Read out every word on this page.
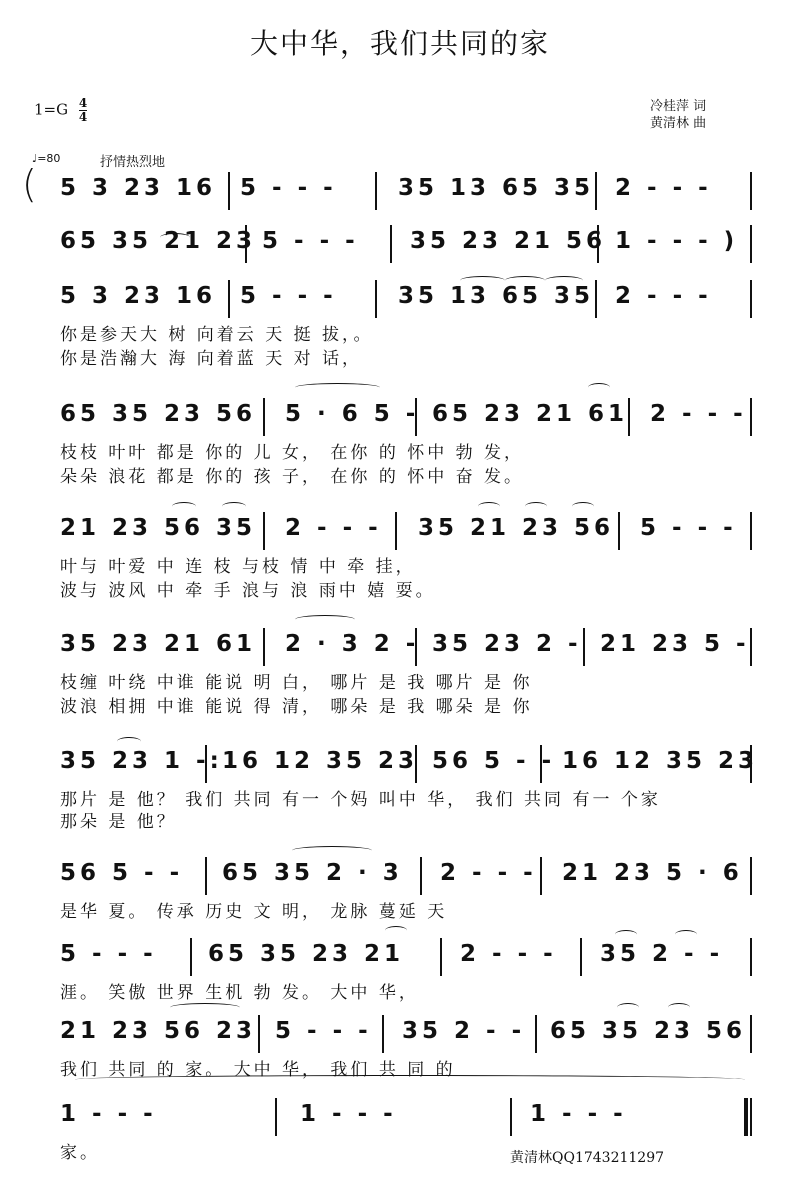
大中华，我们共同的家
$1=G \frac{4}{4}$	冷桂萍 词
黄清林 曲
♩=80	抒情热烈地
5 3 23 16 5 - - -	35 13 65 35 2 - - -
65 35 21 23 5 - - - 35 23 21 56 1 - - - )
5 3 23 16 5 - - -	35 13 65 35 2 - - -
你是参天大 树 向着云 天 挺 拔，。
你是浩瀚大 海 向着蓝 天 对 话，
65 35 23 56 5 · 6 5 - 65 23 21 61 2 - - -
枝枝 叶叶 都是 你的 儿 女， 在你 的 怀中 勃 发，
朵朵 浪花 都是 你的 孩 子， 在你 的 怀中 奋 发。
21 23 56 35 2 - - - 35 21 23 56 5 - - -
叶与 叶爱 中 连 枝 与枝 情 中 牵 挂，
波与 波风 中 牵 手 浪与 浪 雨中 嬉 耍。
35 23 21 61 2 · 3 2 - 35 23 2 - 21 23 5 -
枝缠 叶绕 中谁 能说 明 白， 哪片 是 我 哪片 是 你
波浪 相拥 中谁 能说 得 清， 哪朵 是 我 哪朵 是 你
35 23 1 -: 16 12 35 23 56 5 - - 16 12 35 23
那片 是 他？ 我们 共同 有一 个妈 叫中 华， 我们 共同 有一 个家
那朵 是 他？
56 5 - - 65 35 2 · 3 2 - - - 21 23 5 · 6
是华 夏。 传承 历史 文 明， 龙脉 蔓延 天
5 - - - 65 35 23 21 2 - - - 35 2 - -
涯。 笑傲 世界 生机 勃 发。 大中 华，
21 23 56 23 5 - - - 35 2 - - 65 35 23 56
我们 共同 的 家。 大中 华， 我们 共 同 的
1 - - -	1 - - -	1 - - -
家。
(
黄清林QQ1743211297
